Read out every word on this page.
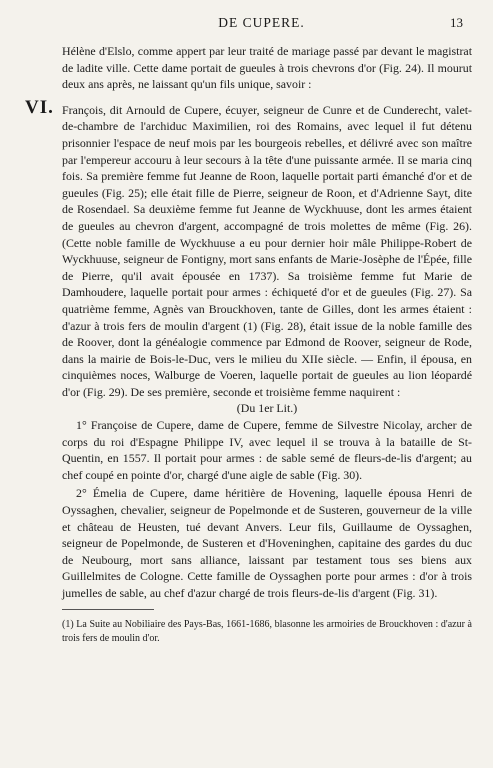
DE CUPERE.	13

Hélène d'Elslo, comme appert par leur traité de mariage passé par devant le magistrat de ladite ville. Cette dame portait de gueules à trois chevrons d'or (Fig. 24). Il mourut deux ans après, ne laissant qu'un fils unique, savoir :

VI. François, dit Arnould de Cupere, écuyer, seigneur de Cunre et de Cunderecht, valet-de-chambre de l'archiduc Maximilien, roi des Romains, avec lequel il fut détenu prisonnier l'espace de neuf mois par les bourgeois rebelles, et délivré avec son maître par l'empereur accouru à leur secours à la tête d'une puissante armée. Il se maria cinq fois. Sa première femme fut Jeanne de Roon, laquelle portait parti émanché d'or et de gueules (Fig. 25); elle était fille de Pierre, seigneur de Roon, et d'Adrienne Sayt, dite de Rosendael. Sa deuxième femme fut Jeanne de Wyckhuuse, dont les armes étaient de gueules au chevron d'argent, accompagné de trois molettes de même (Fig. 26). (Cette noble famille de Wyckhuuse a eu pour dernier hoir mâle Philippe-Robert de Wyckhuuse, seigneur de Fontigny, mort sans enfants de Marie-Josèphe de l'Épée, fille de Pierre, qu'il avait épousée en 1737). Sa troisième femme fut Marie de Damhoudere, laquelle portait pour armes : échiqueté d'or et de gueules (Fig. 27). Sa quatrième femme, Agnès van Brouckhoven, tante de Gilles, dont les armes étaient : d'azur à trois fers de moulin d'argent (1) (Fig. 28), était issue de la noble famille des de Roover, dont la généalogie commence par Edmond de Roover, seigneur de Rode, dans la mairie de Bois-le-Duc, vers le milieu du XIIe siècle. — Enfin, il épousa, en cinquièmes noces, Walburge de Voeren, laquelle portait de gueules au lion léopardé d'or (Fig. 29). De ses première, seconde et troisième femme naquirent :

(Du 1er Lit.)

1° Françoise de Cupere, dame de Cupere, femme de Silvestre Nicolay, archer de corps du roi d'Espagne Philippe IV, avec lequel il se trouva à la bataille de St-Quentin, en 1557. Il portait pour armes : de sable semé de fleurs-de-lis d'argent; au chef coupé en pointe d'or, chargé d'une aigle de sable (Fig. 30).

2° Émelia de Cupere, dame héritière de Hovening, laquelle épousa Henri de Oyssaghen, chevalier, seigneur de Popelmonde et de Susteren, gouverneur de la ville et château de Heusten, tué devant Anvers. Leur fils, Guillaume de Oyssaghen, seigneur de Popelmonde, de Susteren et d'Hoveninghen, capitaine des gardes du duc de Neubourg, mort sans alliance, laissant par testament tous ses biens aux Guillelmites de Cologne. Cette famille de Oyssaghen porte pour armes : d'or à trois jumelles de sable, au chef d'azur chargé de trois fleurs-de-lis d'argent (Fig. 31).

(1) La Suite au Nobiliaire des Pays-Bas, 1661-1686, blasonne les armoiries de Brouckhoven : d'azur à trois fers de moulin d'or.
